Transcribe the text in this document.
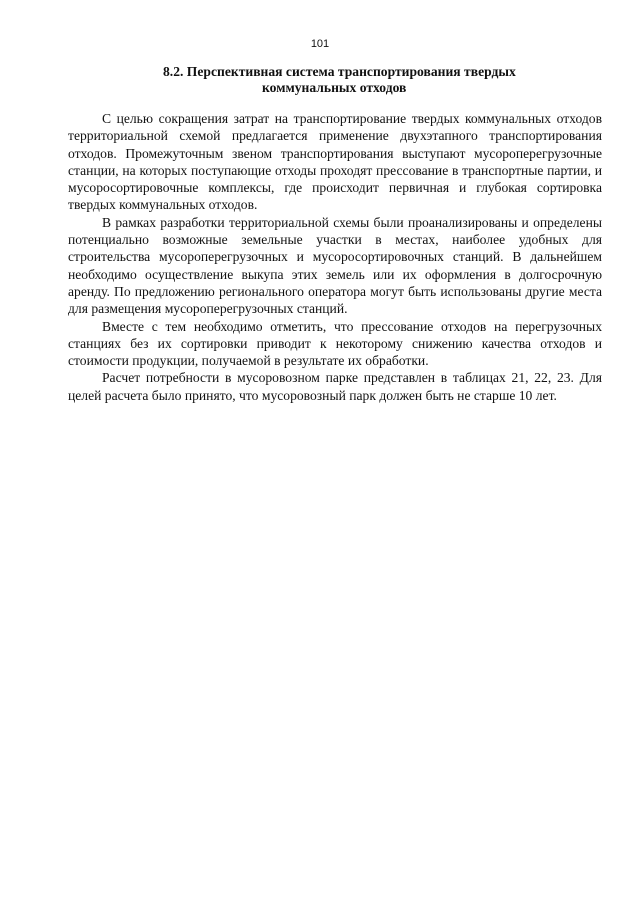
101
8.2. Перспективная система транспортирования твердых
коммунальных отходов

С целью сокращения затрат на транспортирование твердых коммунальных отходов территориальной схемой предлагается применение двухэтапного транспортирования отходов. Промежуточным звеном транспортирования выступают мусороперегрузочные станции, на которых поступающие отходы проходят прессование в транспортные партии, и мусоросортировочные комплексы, где происходит первичная и глубокая сортировка твердых коммунальных отходов.

В рамках разработки территориальной схемы были проанализированы и определены потенциально возможные земельные участки в местах, наиболее удобных для строительства мусороперегрузочных и мусоросортировочных станций. В дальнейшем необходимо осуществление выкупа этих земель или их оформления в долгосрочную аренду. По предложению регионального оператора могут быть использованы другие места для размещения мусороперегрузочных станций.

Вместе с тем необходимо отметить, что прессование отходов на перегрузочных станциях без их сортировки приводит к некоторому снижению качества отходов и стоимости продукции, получаемой в результате их обработки.

Расчет потребности в мусоровозном парке представлен в таблицах 21, 22, 23. Для целей расчета было принято, что мусоровозный парк должен быть не старше 10 лет.
